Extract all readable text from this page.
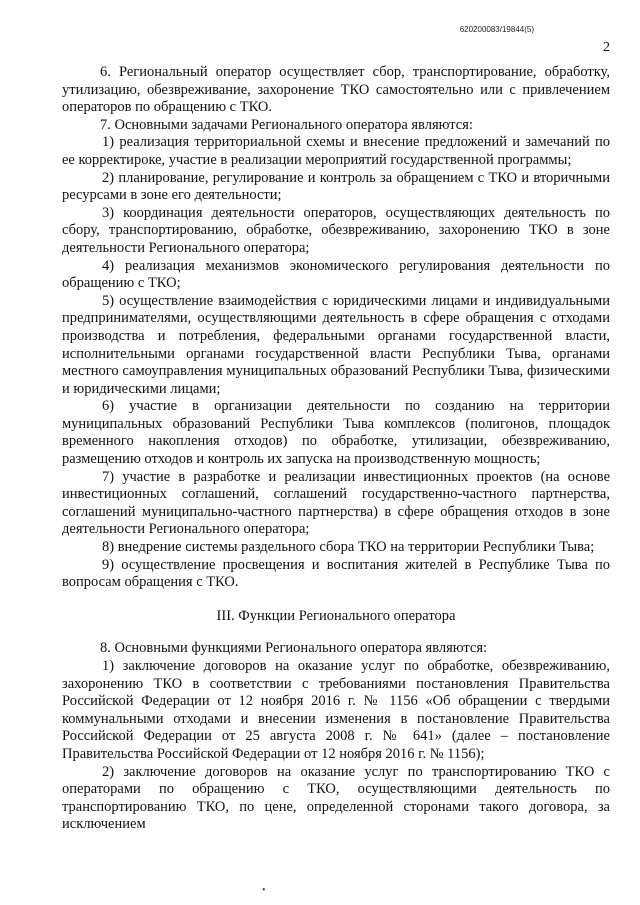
620200083/19844(5)
2

6. Региональный оператор осуществляет сбор, транспортирование, обработку, утилизацию, обезвреживание, захоронение ТКО самостоятельно или с привлечением операторов по обращению с ТКО.

7. Основными задачами Регионального оператора являются:

1) реализация территориальной схемы и внесение предложений и замечаний по ее корректироке, участие в реализации мероприятий государственной программы;

2) планирование, регулирование и контроль за обращением с ТКО и вторичными ресурсами в зоне его деятельности;

3) координация деятельности операторов, осуществляющих деятельность по сбору, транспортированию, обработке, обезвреживанию, захоронению ТКО в зоне деятельности Регионального оператора;

4) реализация механизмов экономического регулирования деятельности по обращению с ТКО;

5) осуществление взаимодействия с юридическими лицами и индивидуальными предпринимателями, осуществляющими деятельность в сфере обращения с отходами производства и потребления, федеральными органами государственной власти, исполнительными органами государственной власти Республики Тыва, органами местного самоуправления муниципальных образований Республики Тыва, физическими и юридическими лицами;

6) участие в организации деятельности по созданию на территории муниципальных образований Республики Тыва комплексов (полигонов, площадок временного накопления отходов) по обработке, утилизации, обезвреживанию, размещению отходов и контроль их запуска на производственную мощность;

7) участие в разработке и реализации инвестиционных проектов (на основе инвестиционных соглашений, соглашений государственно-частного партнерства, соглашений муниципально-частного партнерства) в сфере обращения отходов в зоне деятельности Регионального оператора;

8) внедрение системы раздельного сбора ТКО на территории Республики Тыва;

9) осуществление просвещения и воспитания жителей в Республике Тыва по вопросам обращения с ТКО.

III. Функции Регионального оператора

8. Основными функциями Регионального оператора являются:

1) заключение договоров на оказание услуг по обработке, обезвреживанию, захоронению ТКО в соответствии с требованиями постановления Правительства Российской Федерации от 12 ноября 2016 г. № 1156 «Об обращении с твердыми коммунальными отходами и внесении изменения в постановление Правительства Российской Федерации от 25 августа 2008 г. № 641» (далее – постановление Правительства Российской Федерации от 12 ноября 2016 г. № 1156);

2) заключение договоров на оказание услуг по транспортированию ТКО с операторами по обращению с ТКО, осуществляющими деятельность по транспортированию ТКО, по цене, определенной сторонами такого договора, за исключением

•
